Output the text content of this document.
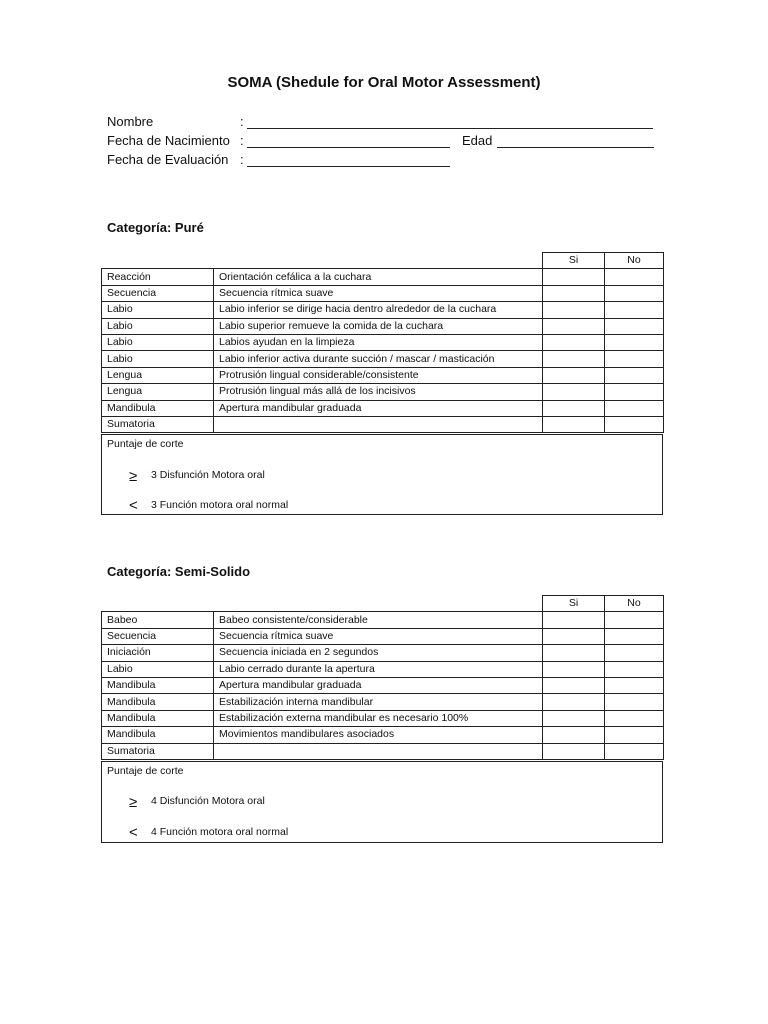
SOMA (Shedule for Oral Motor Assessment)
Nombre	:
Fecha de Nacimiento :	Edad
Fecha de Evaluación :
Categoría: Puré
		Si	No
Reacción	Orientación cefálica a la cuchara		
Secuencia	Secuencia rítmica suave		
Labio	Labio inferior se dirige hacia dentro alrededor de la cuchara		
Labio	Labio superior remueve la comida de la cuchara		
Labio	Labios ayudan en la limpieza		
Labio	Labio inferior activa durante succión / mascar / masticación		
Lengua	Protrusión lingual considerable/consistente		
Lengua	Protrusión lingual más allá de los incisivos		
Mandibula	Apertura mandibular graduada		
Sumatoria			
Puntaje de corte
≥ 3 Disfunción Motora oral
< 3 Función motora oral normal
Categoría: Semi-Solido
		Si	No
Babeo	Babeo consistente/considerable		
Secuencia	Secuencia rítmica suave		
Iniciación	Secuencia iniciada en 2 segundos		
Labio	Labio cerrado durante la apertura		
Mandibula	Apertura mandibular graduada		
Mandibula	Estabilización interna mandibular		
Mandibula	Estabilización externa mandibular es necesario 100%		
Mandibula	Movimientos mandibulares asociados		
Sumatoria			
Puntaje de corte
≥ 4 Disfunción Motora oral
< 4 Función motora oral normal
